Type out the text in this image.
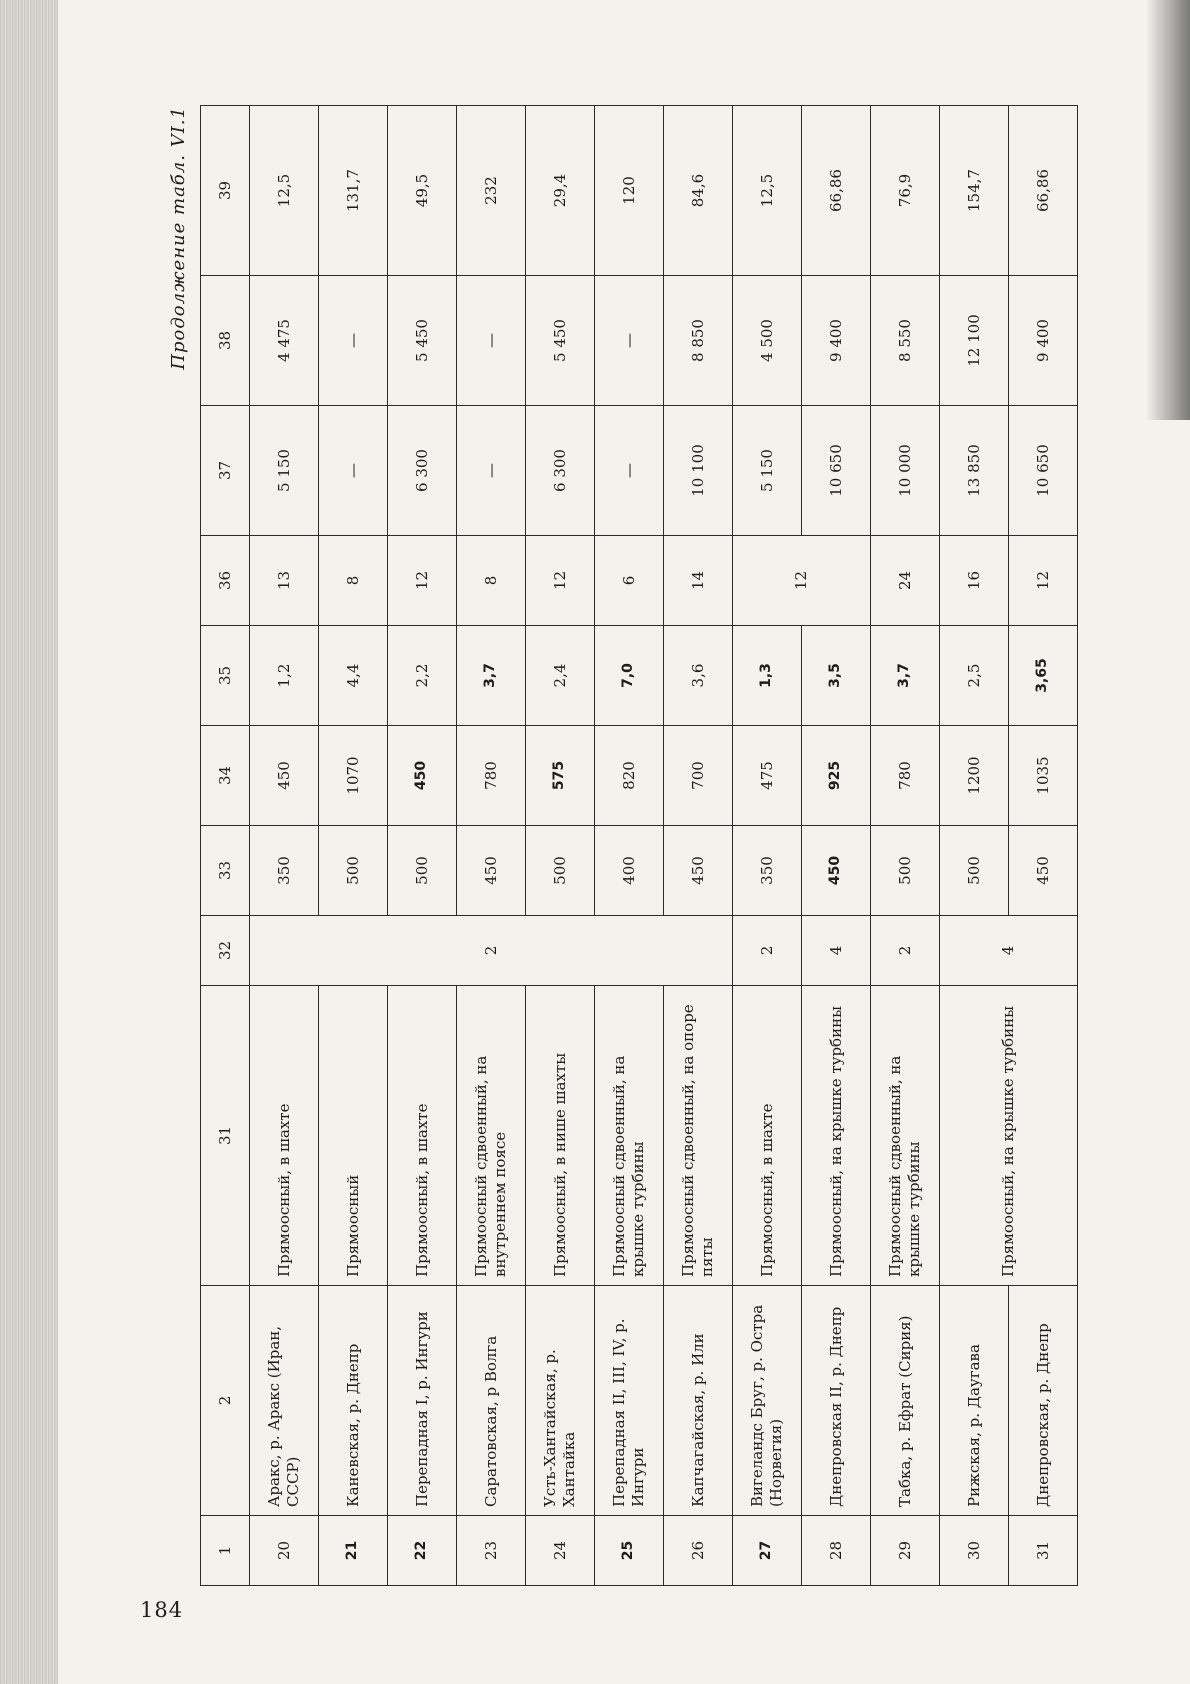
184
Продолжение табл. VI.1
1	2	31	32	33	34	35	36	37	38	39
20	Аракс, р. Аракс (Иран, СССР)	Прямоосный, в шахте	2	350	450	1,2	13	5 150	4 475	12,5
21	Каневская, р. Днепр	Прямоосный		500	1070	4,4	8	—	—	131,7
22	Перепадная I, р. Ингури	Прямоосный, в шахте		500	450	2,2	12	6 300	5 450	49,5
23	Саратовская, р Волга	Прямоосный сдвоенный, на внутреннем поясе		450	780	3,7	8	—	—	232
24	Усть-Хантайская, р. Хантайка	Прямоосный, в нише шахты		500	575	2,4	12	6 300	5 450	29,4
25	Перепадная II, III, IV, р. Ингури	Прямоосный сдвоенный, на крышке турбины		400	820	7,0	6	—	—	120
26	Капчагайская, р. Или	Прямоосный сдвоенный, на опоре пяты		450	700	3,6	14	10 100	8 850	84,6
27	Вигеландс Бруг, р. Остра (Норвегия)	Прямоосный, в шахте	2	350	475	1,3	12	5 150	4 500	12,5
28	Днепровская II, р. Днепр	Прямоосный, на крышке турбины	4	450	925	3,5		10 650	9 400	66,86
29	Табка, р. Ефрат (Сирия)	Прямоосный сдвоенный, на крышке турбины	2	500	780	3,7	24	10 000	8 550	76,9
30	Рижская, р. Даугава	Прямоосный, на крышке турбины	4	500	1200	2,5	16	13 850	12 100	154,7
31	Днепровская, р. Днепр			450	1035	3,65	12	10 650	9 400	66,86
